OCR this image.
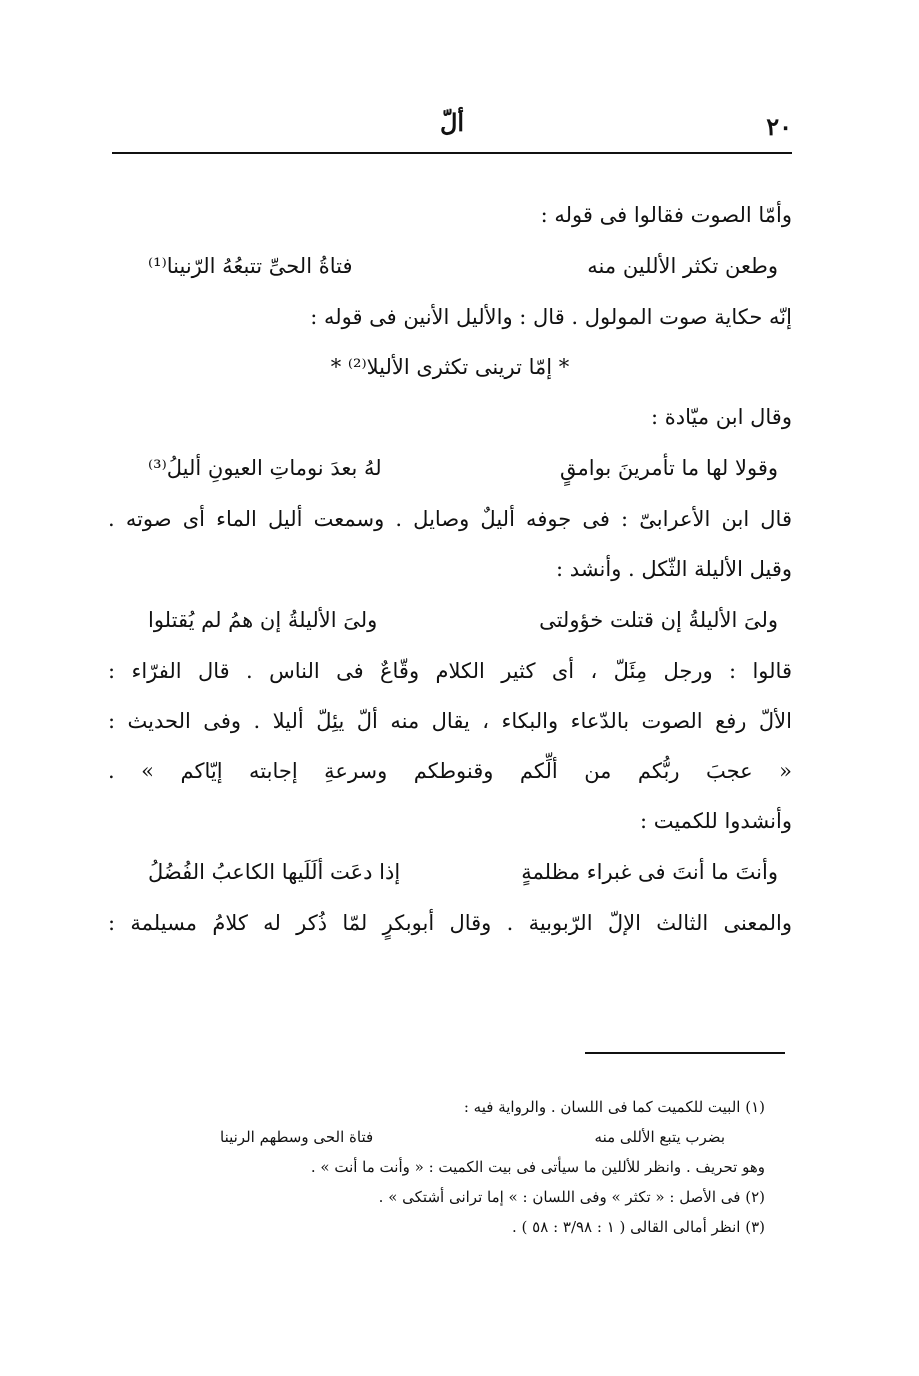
٢٠
ألّ
وأمّا الصوت فقالوا فى قوله :
وطعن تكثر الأللين منه
فتاةُ الحىِّ تتبعُهُ الرّنينا⁽¹⁾
إنّه حكاية صوت المولول . قال : والأليل الأنين فى قوله :
* إمّا ترينى تكثرى الأليلا⁽²⁾ *
وقال ابن ميّادة :
وقولا لها ما تأمرينَ بوامقٍ
لهُ بعدَ نوماتِ العيونِ أليلُ⁽³⁾
قال ابن الأعرابىّ : فى جوفه أليلٌ وصايل . وسمعت أليل الماء أى صوته .
وقيل الأليلة الثّكل . وأنشد :
ولىَ الأليلةُ إن قتلت خؤولتى
ولىَ الأليلةُ إن همُ لم يُقتلوا
قالوا : ورجل مِئَلّ ، أى كثير الكلام وقّاعٌ فى الناس . قال الفرّاء :
الألّ رفع الصوت بالدّعاء والبكاء ، يقال منه ألّ يئِلّ أليلا . وفى الحديث :
« عجبَ ربُّكم من ألِّكم وقنوطكم وسرعةِ إجابته إيّاكم » .
وأنشدوا للكميت :
وأنتَ ما أنتَ فى غبراء مظلمةٍ
إذا دعَت ألَلَيها الكاعبُ الفُضُلُ
والمعنى الثالث الإلّ الرّبوبية . وقال أبوبكرٍ لمّا ذُكر له كلامُ مسيلمة :
(١) البيت للكميت كما فى اللسان . والرواية فيه :
بضرب يتبع الأللى منه
فتاة الحى وسطهم الرنينا
وهو تحريف . وانظر للأللين ما سيأتى فى بيت الكميت : « وأنت ما أنت » .
(٢) فى الأصل : « تكثر » وفى اللسان : » إما ترانى أشتكى » .
(٣) انظر أمالى القالى ( ١ : ٣/٩٨ : ٥٨ ) .
